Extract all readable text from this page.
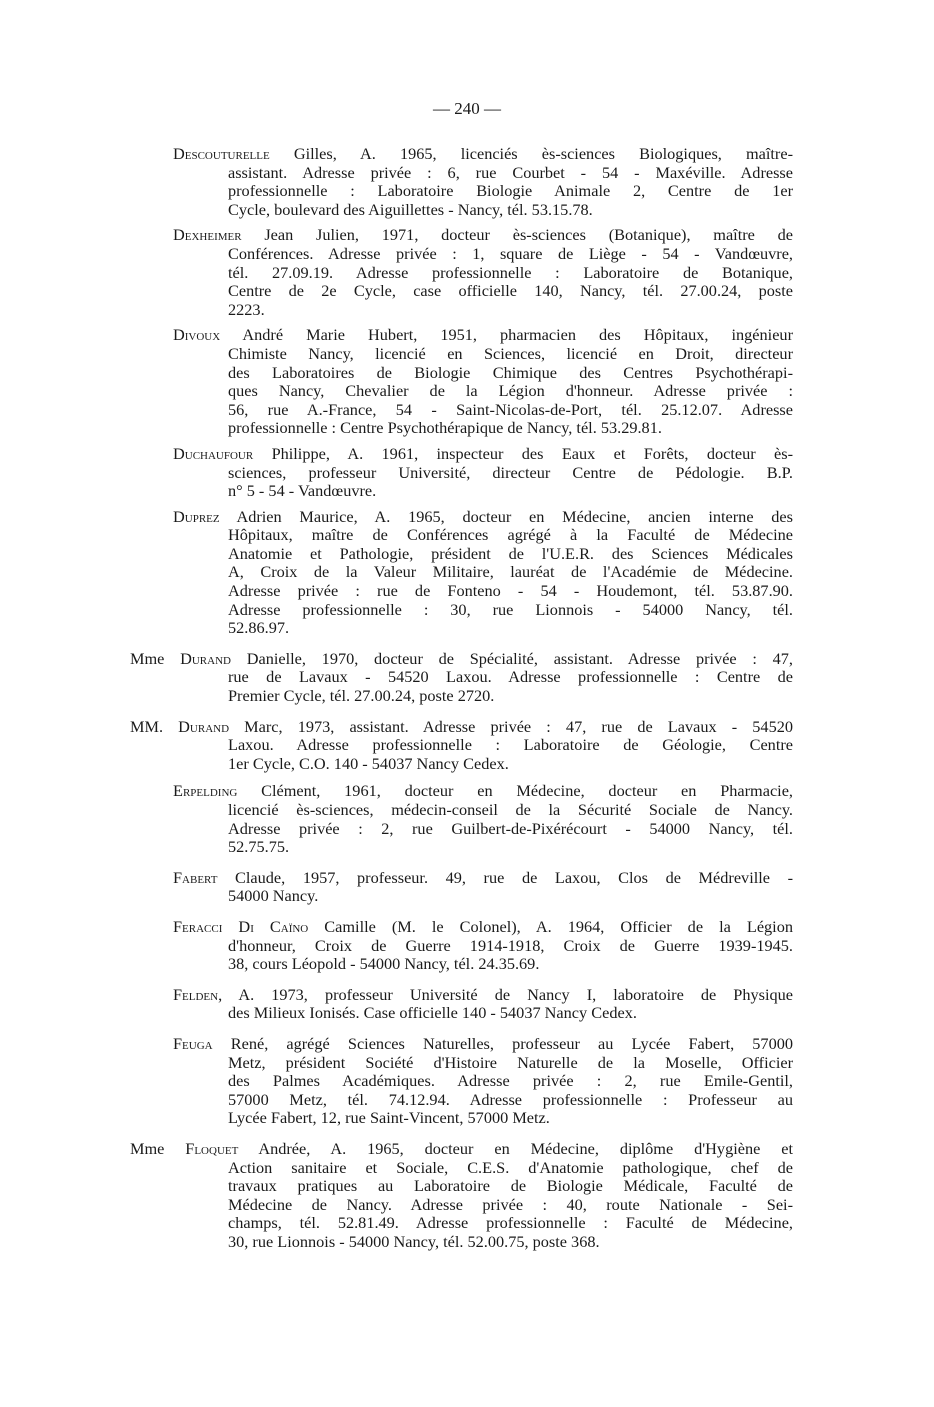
— 240 —
Descouturelle Gilles, A. 1965, licenciés ès-sciences Biologiques, maître-
assistant. Adresse privée : 6, rue Courbet - 54 - Maxéville. Adresse
professionnelle : Laboratoire Biologie Animale 2, Centre de 1er
Cycle, boulevard des Aiguillettes - Nancy, tél. 53.15.78.
Dexheimer Jean Julien, 1971, docteur ès-sciences (Botanique), maître de
Conférences. Adresse privée : 1, square de Liège - 54 - Vandœuvre,
tél. 27.09.19. Adresse professionnelle : Laboratoire de Botanique,
Centre de 2e Cycle, case officielle 140, Nancy, tél. 27.00.24, poste
2223.
Divoux André Marie Hubert, 1951, pharmacien des Hôpitaux, ingénieur
Chimiste Nancy, licencié en Sciences, licencié en Droit, directeur
des Laboratoires de Biologie Chimique des Centres Psychothérapi-
ques Nancy, Chevalier de la Légion d'honneur. Adresse privée :
56, rue A.-France, 54 - Saint-Nicolas-de-Port, tél. 25.12.07. Adresse
professionnelle : Centre Psychothérapique de Nancy, tél. 53.29.81.
Duchaufour Philippe, A. 1961, inspecteur des Eaux et Forêts, docteur ès-
sciences, professeur Université, directeur Centre de Pédologie. B.P.
n° 5 - 54 - Vandœuvre.
Duprez Adrien Maurice, A. 1965, docteur en Médecine, ancien interne des
Hôpitaux, maître de Conférences agrégé à la Faculté de Médecine
Anatomie et Pathologie, président de l'U.E.R. des Sciences Médicales
A, Croix de la Valeur Militaire, lauréat de l'Académie de Médecine.
Adresse privée : rue de Fonteno - 54 - Houdemont, tél. 53.87.90.
Adresse professionnelle : 30, rue Lionnois - 54000 Nancy, tél.
52.86.97.
Mme Durand Danielle, 1970, docteur de Spécialité, assistant. Adresse privée : 47,
rue de Lavaux - 54520 Laxou. Adresse professionnelle : Centre de
Premier Cycle, tél. 27.00.24, poste 2720.
MM. Durand Marc, 1973, assistant. Adresse privée : 47, rue de Lavaux - 54520
Laxou. Adresse professionnelle : Laboratoire de Géologie, Centre
1er Cycle, C.O. 140 - 54037 Nancy Cedex.
Erpelding Clément, 1961, docteur en Médecine, docteur en Pharmacie,
licencié ès-sciences, médecin-conseil de la Sécurité Sociale de Nancy.
Adresse privée : 2, rue Guilbert-de-Pixérécourt - 54000 Nancy, tél.
52.75.75.
Fabert Claude, 1957, professeur. 49, rue de Laxou, Clos de Médreville -
54000 Nancy.
Feracci Di Caïno Camille (M. le Colonel), A. 1964, Officier de la Légion
d'honneur, Croix de Guerre 1914-1918, Croix de Guerre 1939-1945.
38, cours Léopold - 54000 Nancy, tél. 24.35.69.
Felden, A. 1973, professeur Université de Nancy I, laboratoire de Physique
des Milieux Ionisés. Case officielle 140 - 54037 Nancy Cedex.
Feuga René, agrégé Sciences Naturelles, professeur au Lycée Fabert, 57000
Metz, président Société d'Histoire Naturelle de la Moselle, Officier
des Palmes Académiques. Adresse privée : 2, rue Emile-Gentil,
57000 Metz, tél. 74.12.94. Adresse professionnelle : Professeur au
Lycée Fabert, 12, rue Saint-Vincent, 57000 Metz.
Mme Floquet Andrée, A. 1965, docteur en Médecine, diplôme d'Hygiène et
Action sanitaire et Sociale, C.E.S. d'Anatomie pathologique, chef de
travaux pratiques au Laboratoire de Biologie Médicale, Faculté de
Médecine de Nancy. Adresse privée : 40, route Nationale - Sei-
champs, tél. 52.81.49. Adresse professionnelle : Faculté de Médecine,
30, rue Lionnois - 54000 Nancy, tél. 52.00.75, poste 368.
